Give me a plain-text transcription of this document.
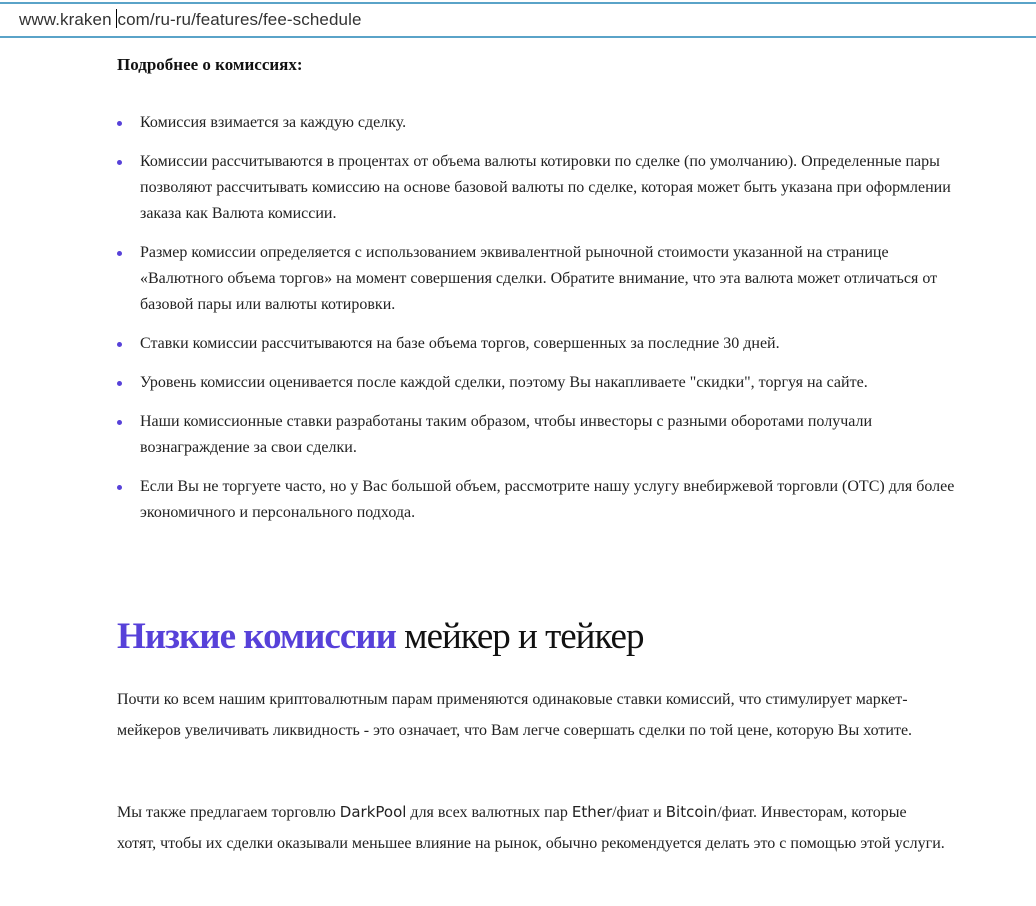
www.kraken com/ru-ru/features/fee-schedule

Подробнее о комиссиях:

Комиссия взимается за каждую сделку.
Комиссии рассчитываются в процентах от объема валюты котировки по сделке (по умолчанию). Определенные пары позволяют рассчитывать комиссию на основе базовой валюты по сделке, которая может быть указана при оформлении заказа как Валюта комиссии.
Размер комиссии определяется с использованием эквивалентной рыночной стоимости указанной на странице «Валютного объема торгов» на момент совершения сделки. Обратите внимание, что эта валюта может отличаться от базовой пары или валюты котировки.
Ставки комиссии рассчитываются на базе объема торгов, совершенных за последние 30 дней.
Уровень комиссии оценивается после каждой сделки, поэтому Вы накапливаете "скидки", торгуя на сайте.
Наши комиссионные ставки разработаны таким образом, чтобы инвесторы с разными оборотами получали вознаграждение за свои сделки.
Если Вы не торгуете часто, но у Вас большой объем, рассмотрите нашу услугу внебиржевой торговли (ОТС) для более экономичного и персонального подхода.
Низкие комиссии мейкер и тейкер

Почти ко всем нашим криптовалютным парам применяются одинаковые ставки комиссий, что стимулирует маркет-мейкеров увеличивать ликвидность - это означает, что Вам легче совершать сделки по той цене, которую Вы хотите.

Мы также предлагаем торговлю DarkPool для всех валютных пар Ether/фиат и Bitcoin/фиат. Инвесторам, которые хотят, чтобы их сделки оказывали меньшее влияние на рынок, обычно рекомендуется делать это с помощью этой услуги.
